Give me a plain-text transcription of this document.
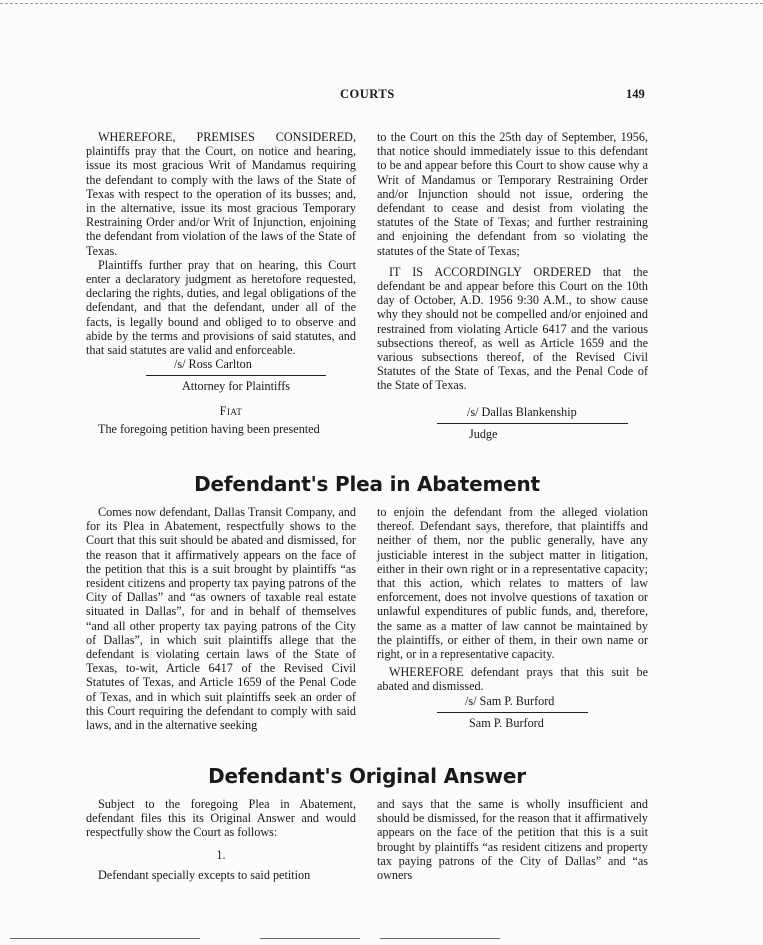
COURTS	149

WHEREFORE, PREMISES CONSIDERED, plaintiffs pray that the Court, on notice and hearing, issue its most gracious Writ of Mandamus requiring the defendant to comply with the laws of the State of Texas with respect to the operation of its busses; and, in the alternative, issue its most gracious Temporary Restraining Order and/or Writ of Injunction, enjoining the defendant from violation of the laws of the State of Texas.

Plaintiffs further pray that on hearing, this Court enter a declaratory judgment as heretofore requested, declaring the rights, duties, and legal obligations of the defendant, and that the defendant, under all of the facts, is legally bound and obliged to to observe and abide by the terms and provisions of said statutes, and that said statutes are valid and enforceable.

/s/ Ross Carlton

Attorney for Plaintiffs

Fiat

The foregoing petition having been presented

to the Court on this the 25th day of September, 1956, that notice should immediately issue to this defendant to be and appear before this Court to show cause why a Writ of Mandamus or Temporary Restraining Order and/or Injunction should not issue, ordering the defendant to cease and desist from violating the statutes of the State of Texas; and further restraining and enjoining the defendant from so violating the statutes of the State of Texas;

IT IS ACCORDINGLY ORDERED that the defendant be and appear before this Court on the 10th day of October, A.D. 1956 9:30 A.M., to show cause why they should not be compelled and/or enjoined and restrained from violating Article 6417 and the various subsections thereof, as well as Article 1659 and the various subsections thereof, of the Revised Civil Statutes of the State of Texas, and the Penal Code of the State of Texas.

/s/ Dallas Blankenship

Judge

Defendant's Plea in Abatement

Comes now defendant, Dallas Transit Company, and for its Plea in Abatement, respectfully shows to the Court that this suit should be abated and dismissed, for the reason that it affirmatively appears on the face of the petition that this is a suit brought by plaintiffs “as resident citizens and property tax paying patrons of the City of Dallas” and “as owners of taxable real estate situated in Dallas”, for and in behalf of themselves “and all other property tax paying patrons of the City of Dallas”, in which suit plaintiffs allege that the defendant is violating certain laws of the State of Texas, to-wit, Article 6417 of the Revised Civil Statutes of Texas, and Article 1659 of the Penal Code of Texas, and in which suit plaintiffs seek an order of this Court requiring the defendant to comply with said laws, and in the alternative seeking

to enjoin the defendant from the alleged violation thereof. Defendant says, therefore, that plaintiffs and neither of them, nor the public generally, have any justiciable interest in the subject matter in litigation, either in their own right or in a representative capacity; that this action, which relates to matters of law enforcement, does not involve questions of taxation or unlawful expenditures of public funds, and, therefore, the same as a matter of law cannot be maintained by the plaintiffs, or either of them, in their own name or right, or in a representative capacity.

WHEREFORE defendant prays that this suit be abated and dismissed.

/s/ Sam P. Burford

Sam P. Burford

Defendant's Original Answer

Subject to the foregoing Plea in Abatement, defendant files this its Original Answer and would respectfully show the Court as follows:

1.

Defendant specially excepts to said petition

and says that the same is wholly insufficient and should be dismissed, for the reason that it affirmatively appears on the face of the petition that this is a suit brought by plaintiffs “as resident citizens and property tax paying patrons of the City of Dallas” and “as owners
